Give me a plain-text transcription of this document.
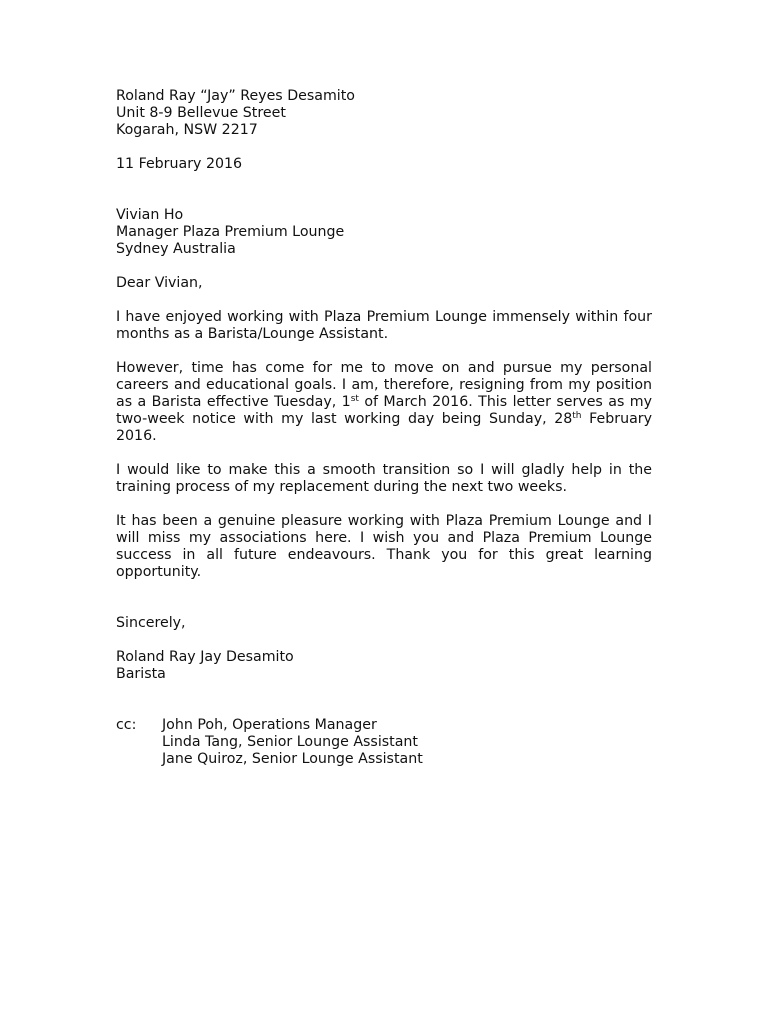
Roland Ray “Jay” Reyes Desamito
Unit 8-9 Bellevue Street
Kogarah, NSW 2217
11 February 2016
Vivian Ho
Manager Plaza Premium Lounge
Sydney Australia
Dear Vivian,

I have enjoyed working with Plaza Premium Lounge immensely within four months as a Barista/Lounge Assistant.

However, time has come for me to move on and pursue my personal careers and educational goals. I am, therefore, resigning from my position as a Barista effective Tuesday, 1st of March 2016. This letter serves as my two-week notice with my last working day being Sunday, 28th February 2016.

I would like to make this a smooth transition so I will gladly help in the training process of my replacement during the next two weeks.

It has been a genuine pleasure working with Plaza Premium Lounge and I will miss my associations here. I wish you and Plaza Premium Lounge success in all future endeavours. Thank you for this great learning opportunity.

Sincerely,
Roland Ray Jay Desamito
Barista
cc:	John Poh, Operations Manager
Linda Tang, Senior Lounge Assistant
Jane Quiroz, Senior Lounge Assistant
